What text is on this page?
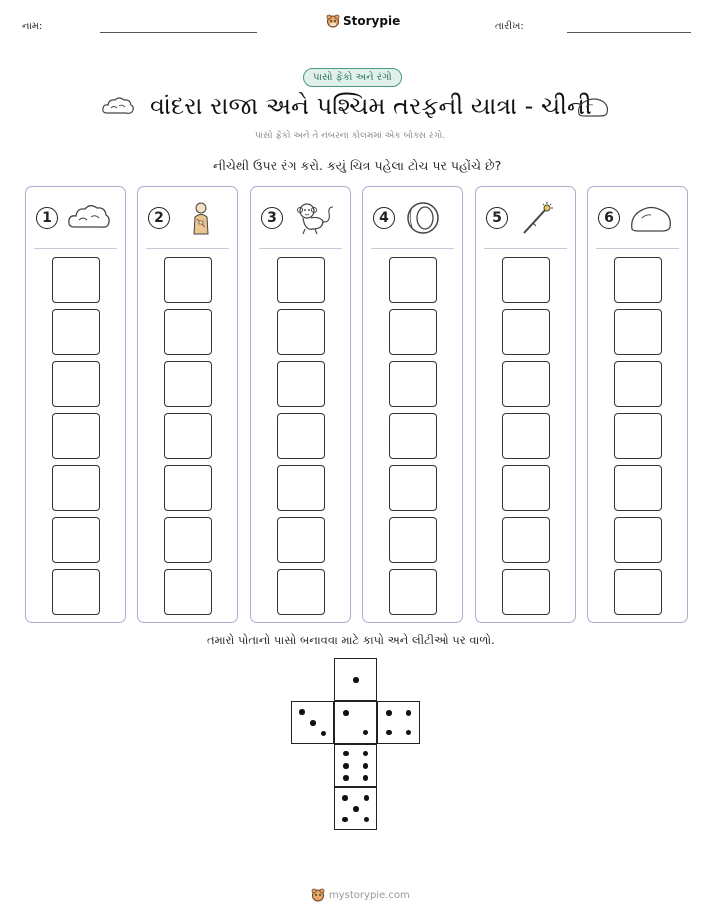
નામ:	Storypie	તારીખ:
પાસો ફેંકો અને રંગો
વાંદરા રાજા અને પશ્ચિમ તરફની યાત્રા - ચીની
પાસો ફેંકો અને તે નંબરના કોલમમાં એક બોક્સ રંગો.
નીચેથી ઉપર રંગ કરો. કયું ચિત્ર પહેલા ટોચ પર પહોંચે છે?
1	2	3	4	5	6
તમારો પોતાનો પાસો બનાવવા માટે કાપો અને લીટીઓ પર વાળો.
mystorypie.com
